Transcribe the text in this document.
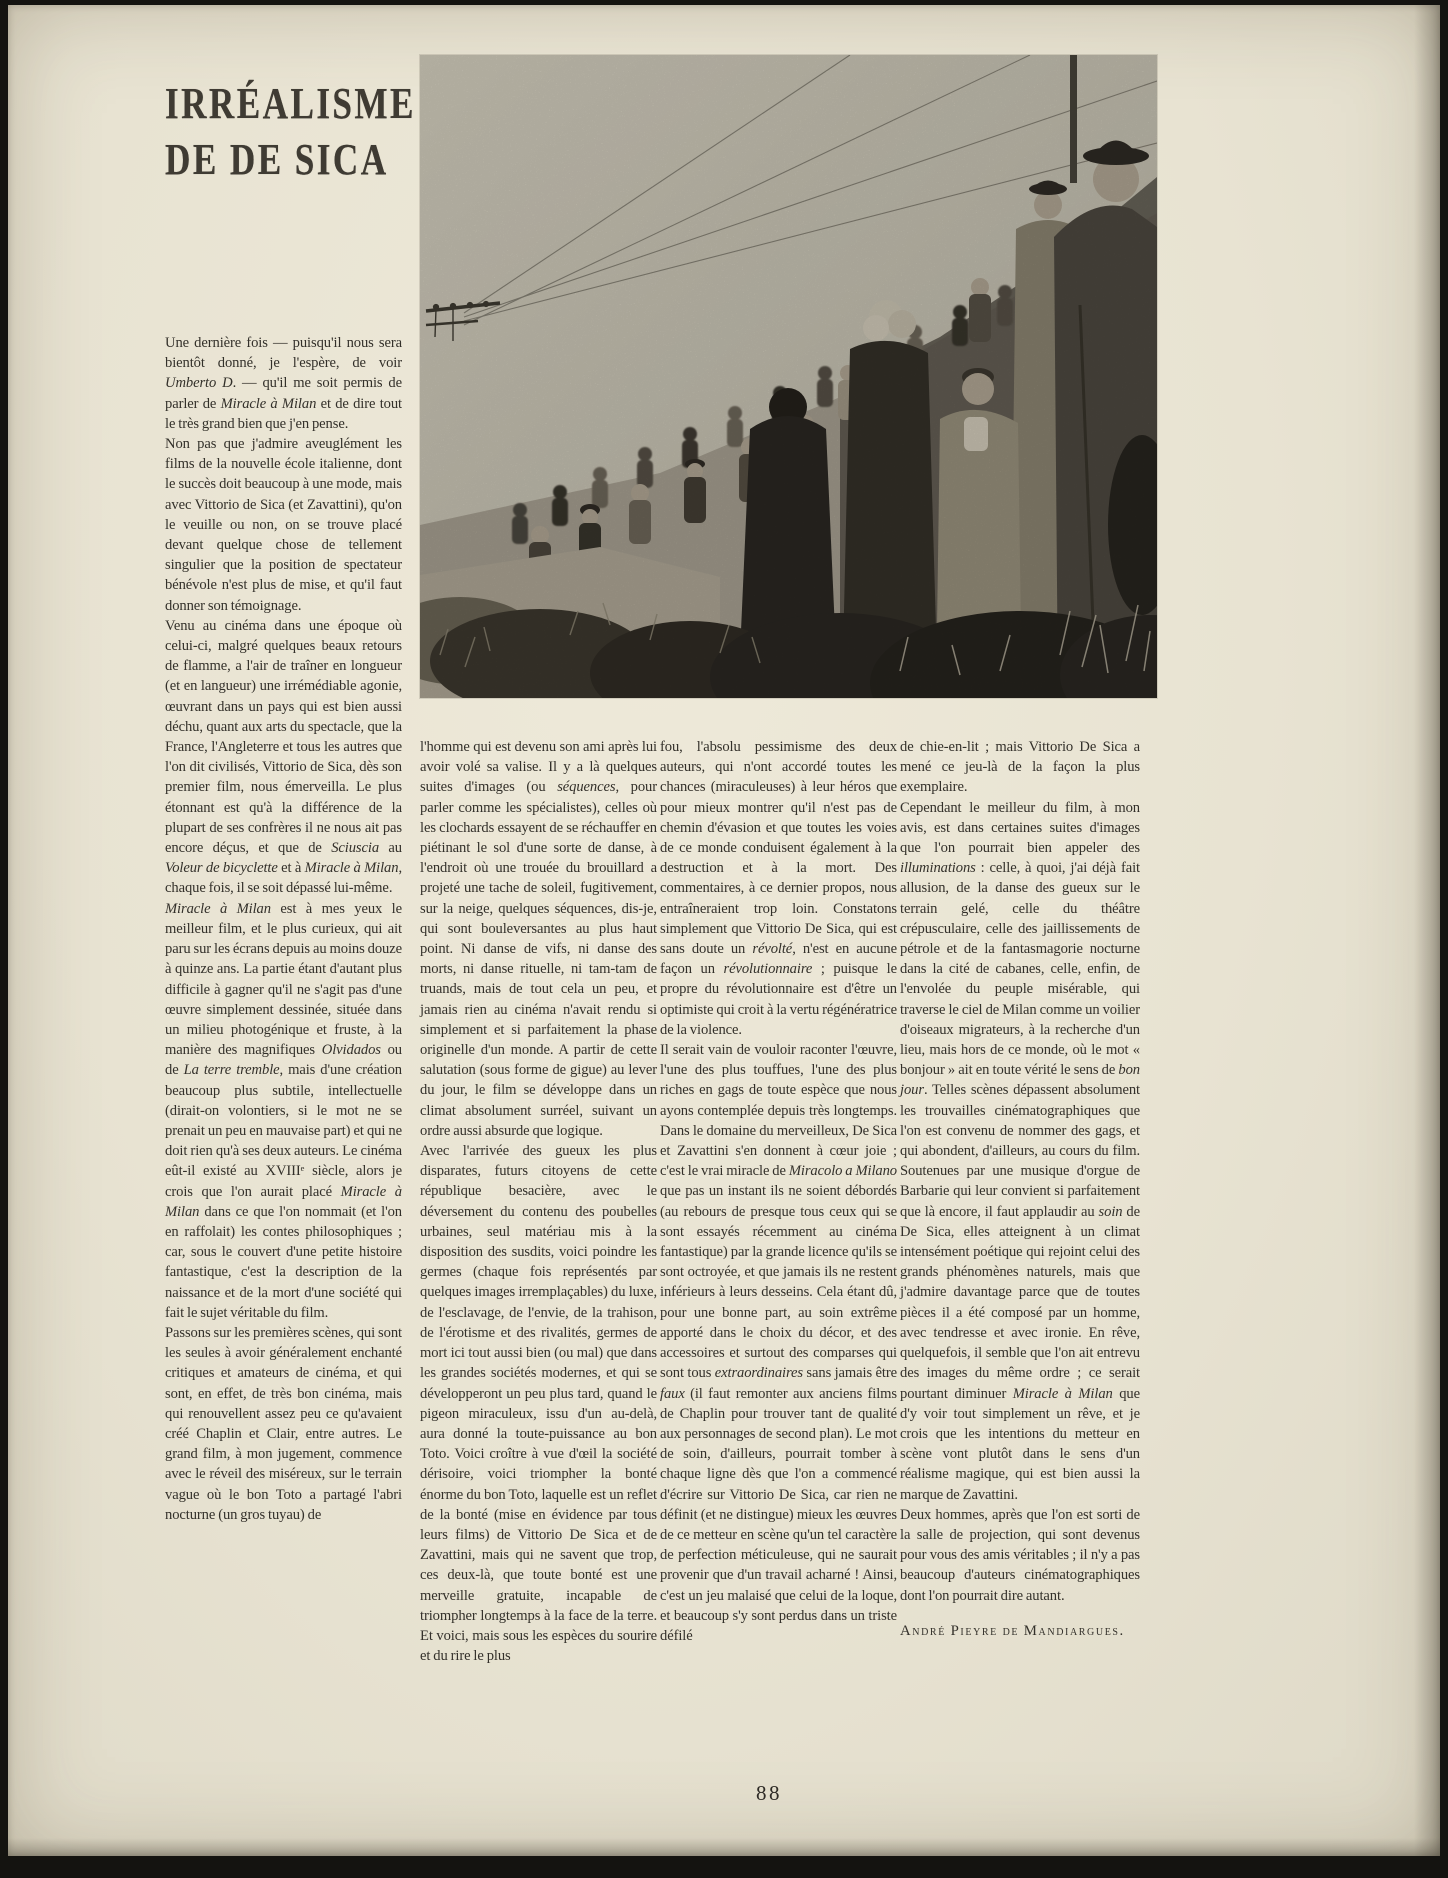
IRRÉALISME
DE DE SICA

Une dernière fois — puisqu'il nous sera bientôt donné, je l'espère, de voir Umberto D. — qu'il me soit permis de parler de Miracle à Milan et de dire tout le très grand bien que j'en pense.

Non pas que j'admire aveuglément les films de la nouvelle école italienne, dont le succès doit beaucoup à une mode, mais avec Vittorio de Sica (et Zavattini), qu'on le veuille ou non, on se trouve placé devant quelque chose de tellement singulier que la position de spectateur bénévole n'est plus de mise, et qu'il faut donner son témoignage.

Venu au cinéma dans une époque où celui-ci, malgré quelques beaux retours de flamme, a l'air de traîner en longueur (et en langueur) une irrémédiable agonie, œuvrant dans un pays qui est bien aussi déchu, quant aux arts du spectacle, que la France, l'Angleterre et tous les autres que l'on dit civilisés, Vittorio de Sica, dès son premier film, nous émerveilla. Le plus étonnant est qu'à la différence de la plupart de ses confrères il ne nous ait pas encore déçus, et que de Sciuscia au Voleur de bicyclette et à Miracle à Milan, chaque fois, il se soit dépassé lui-même.

Miracle à Milan est à mes yeux le meilleur film, et le plus curieux, qui ait paru sur les écrans depuis au moins douze à quinze ans. La partie étant d'autant plus difficile à gagner qu'il ne s'agit pas d'une œuvre simplement dessinée, située dans un milieu photogénique et fruste, à la manière des magnifiques Olvidados ou de La terre tremble, mais d'une création beaucoup plus subtile, intellectuelle (dirait-on volontiers, si le mot ne se prenait un peu en mauvaise part) et qui ne doit rien qu'à ses deux auteurs. Le cinéma eût-il existé au XVIIIᵉ siècle, alors je crois que l'on aurait placé Miracle à Milan dans ce que l'on nommait (et l'on en raffolait) les contes philosophiques ; car, sous le couvert d'une petite histoire fantastique, c'est la description de la naissance et de la mort d'une société qui fait le sujet véritable du film.

Passons sur les premières scènes, qui sont les seules à avoir généralement enchanté critiques et amateurs de cinéma, et qui sont, en effet, de très bon cinéma, mais qui renouvellent assez peu ce qu'avaient créé Chaplin et Clair, entre autres. Le grand film, à mon jugement, commence avec le réveil des miséreux, sur le terrain vague où le bon Toto a partagé l'abri nocturne (un gros tuyau) de

l'homme qui est devenu son ami après lui avoir volé sa valise. Il y a là quelques suites d'images (ou séquences, pour parler comme les spécialistes), celles où les clochards essayent de se réchauffer en piétinant le sol d'une sorte de danse, à l'endroit où une trouée du brouillard a projeté une tache de soleil, fugitivement, sur la neige, quelques séquences, dis-je, qui sont bouleversantes au plus haut point. Ni danse de vifs, ni danse des morts, ni danse rituelle, ni tam-tam de truands, mais de tout cela un peu, et jamais rien au cinéma n'avait rendu si simplement et si parfaitement la phase originelle d'un monde. A partir de cette salutation (sous forme de gigue) au lever du jour, le film se développe dans un climat absolument surréel, suivant un ordre aussi absurde que logique.

Avec l'arrivée des gueux les plus disparates, futurs citoyens de cette république besacière, avec le déversement du contenu des poubelles urbaines, seul matériau mis à la disposition des susdits, voici poindre les germes (chaque fois représentés par quelques images irremplaçables) du luxe, de l'esclavage, de l'envie, de la trahison, de l'érotisme et des rivalités, germes de mort ici tout aussi bien (ou mal) que dans les grandes sociétés modernes, et qui se développeront un peu plus tard, quand le pigeon miraculeux, issu d'un au-delà, aura donné la toute-puissance au bon Toto. Voici croître à vue d'œil la société dérisoire, voici triompher la bonté énorme du bon Toto, laquelle est un reflet de la bonté (mise en évidence par tous leurs films) de Vittorio De Sica et de Zavattini, mais qui ne savent que trop, ces deux-là, que toute bonté est une merveille gratuite, incapable de triompher longtemps à la face de la terre. Et voici, mais sous les espèces du sourire et du rire le plus

fou, l'absolu pessimisme des deux auteurs, qui n'ont accordé toutes les chances (miraculeuses) à leur héros que pour mieux montrer qu'il n'est pas de chemin d'évasion et que toutes les voies de ce monde conduisent également à la destruction et à la mort. Des commentaires, à ce dernier propos, nous entraîneraient trop loin. Constatons simplement que Vittorio De Sica, qui est sans doute un révolté, n'est en aucune façon un révolutionnaire ; puisque le propre du révolutionnaire est d'être un optimiste qui croit à la vertu régénératrice de la violence.

Il serait vain de vouloir raconter l'œuvre, l'une des plus touffues, l'une des plus riches en gags de toute espèce que nous ayons contemplée depuis très longtemps. Dans le domaine du merveilleux, De Sica et Zavattini s'en donnent à cœur joie ; c'est le vrai miracle de Miracolo a Milano que pas un instant ils ne soient débordés (au rebours de presque tous ceux qui se sont essayés récemment au cinéma fantastique) par la grande licence qu'ils se sont octroyée, et que jamais ils ne restent inférieurs à leurs desseins. Cela étant dû, pour une bonne part, au soin extrême apporté dans le choix du décor, et des accessoires et surtout des comparses qui sont tous extraordinaires sans jamais être faux (il faut remonter aux anciens films de Chaplin pour trouver tant de qualité aux personnages de second plan). Le mot de soin, d'ailleurs, pourrait tomber à chaque ligne dès que l'on a commencé d'écrire sur Vittorio De Sica, car rien ne définit (et ne distingue) mieux les œuvres de ce metteur en scène qu'un tel caractère de perfection méticuleuse, qui ne saurait provenir que d'un travail acharné ! Ainsi, c'est un jeu malaisé que celui de la loque, et beaucoup s'y sont perdus dans un triste défilé

de chie-en-lit ; mais Vittorio De Sica a mené ce jeu-là de la façon la plus exemplaire.

Cependant le meilleur du film, à mon avis, est dans certaines suites d'images que l'on pourrait bien appeler des illuminations : celle, à quoi, j'ai déjà fait allusion, de la danse des gueux sur le terrain gelé, celle du théâtre crépusculaire, celle des jaillissements de pétrole et de la fantasmagorie nocturne dans la cité de cabanes, celle, enfin, de l'envolée du peuple misérable, qui traverse le ciel de Milan comme un voilier d'oiseaux migrateurs, à la recherche d'un lieu, mais hors de ce monde, où le mot « bonjour » ait en toute vérité le sens de bon jour. Telles scènes dépassent absolument les trouvailles cinématographiques que l'on est convenu de nommer des gags, et qui abondent, d'ailleurs, au cours du film. Soutenues par une musique d'orgue de Barbarie qui leur convient si parfaitement que là encore, il faut applaudir au soin de De Sica, elles atteignent à un climat intensément poétique qui rejoint celui des grands phénomènes naturels, mais que j'admire davantage parce que de toutes pièces il a été composé par un homme, avec tendresse et avec ironie. En rêve, quelquefois, il semble que l'on ait entrevu des images du même ordre ; ce serait pourtant diminuer Miracle à Milan que d'y voir tout simplement un rêve, et je crois que les intentions du metteur en scène vont plutôt dans le sens d'un réalisme magique, qui est bien aussi la marque de Zavattini.

Deux hommes, après que l'on est sorti de la salle de projection, qui sont devenus pour vous des amis véritables ; il n'y a pas beaucoup d'auteurs cinématographiques dont l'on pourrait dire autant.

André Pieyre de Mandiargues.
88
